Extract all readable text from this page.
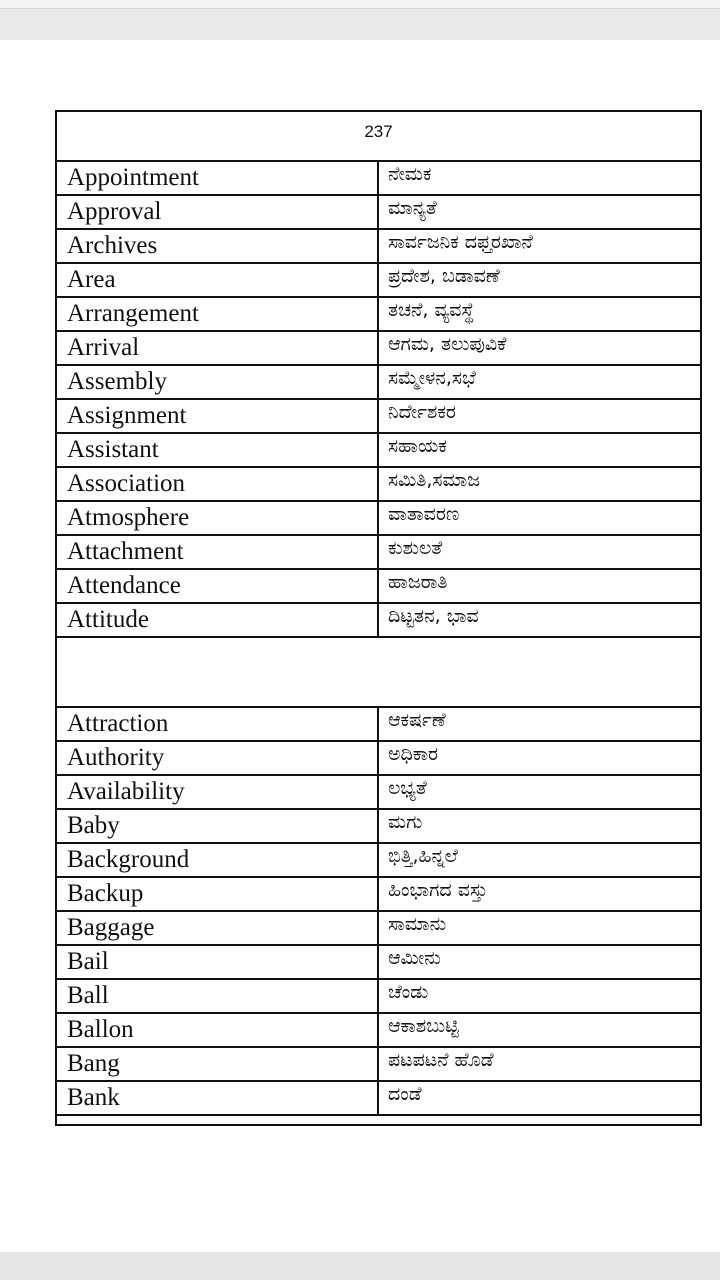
237	
Appointment	ನೇಮಕ
Approval	ಮಾನ್ಯತೆ
Archives	ಸಾರ್ವಜನಿಕ ದಫ್ತರಖಾನೆ
Area	ಪ್ರದೇಶ, ಬಡಾವಣೆ
Arrangement	ತಚನೆ, ವ್ಯವಸ್ಥೆ
Arrival	ಆಗಮ, ತಲುಪುವಿಕೆ
Assembly	ಸಮ್ಮೇಳನ,ಸಭೆ
Assignment	ನಿರ್ದೇಶಕರ
Assistant	ಸಹಾಯಕ
Association	ಸಮಿತಿ,ಸಮಾಜ
Atmosphere	ವಾತಾವರಣ
Attachment	ಕುಶುಲತೆ
Attendance	ಹಾಜರಾತಿ
Attitude	ದಿಟ್ಟತನ, ಭಾವ

Attraction	ಆಕರ್ಷಣೆ
Authority	ಅಧಿಕಾರ
Availability	ಲಭ್ಯತೆ
Baby	ಮಗು
Background	ಭಿತ್ತಿ,ಹಿನ್ನಲೆ
Backup	ಹಿಂಭಾಗದ ವಸ್ತು
Baggage	ಸಾಮಾನು
Bail	ಆಮೀನು
Ball	ಚೆಂಡು
Ballon	ಆಕಾಶಬುಟ್ಟಿ
Bang	ಪಟಪಟನೆ ಹೊಡೆ
Bank	ದಂಡೆ
